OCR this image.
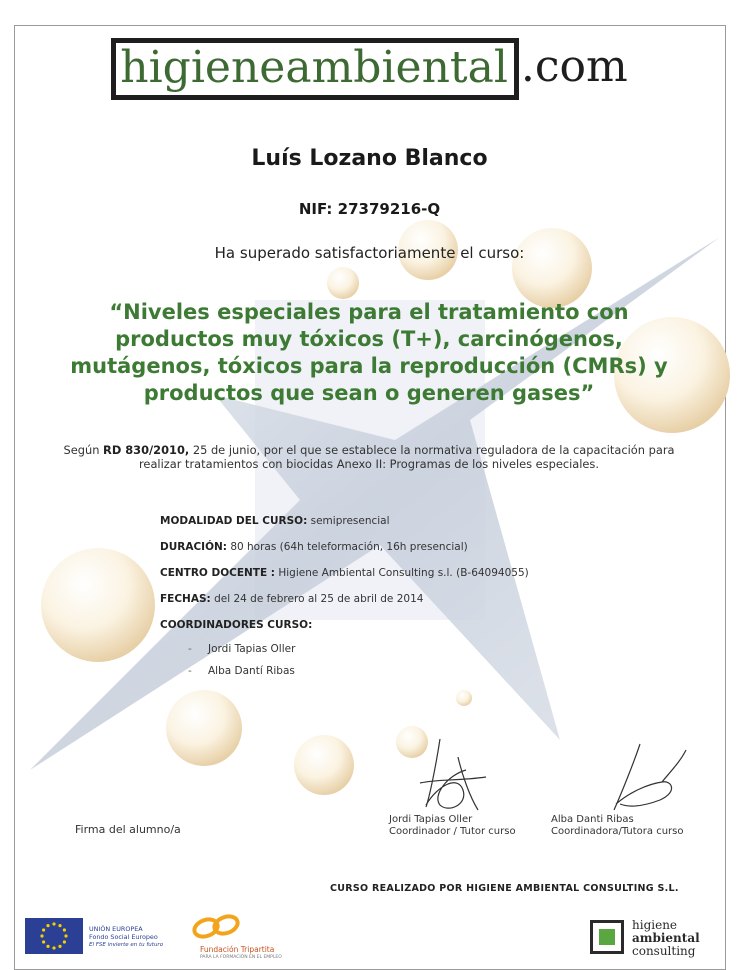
higieneambiental .com
Luís Lozano Blanco
NIF: 27379216-Q
Ha superado satisfactoriamente el curso:
“Niveles especiales para el tratamiento con productos muy tóxicos (T+), carcinógenos, mutágenos, tóxicos para la reproducción (CMRs) y productos que sean o generen gases”
Según RD 830/2010, 25 de junio, por el que se establece la normativa reguladora de la capacitación para realizar tratamientos con biocidas Anexo II: Programas de los niveles especiales.
MODALIDAD DEL CURSO: semipresencial
DURACIÓN: 80 horas (64h teleformación, 16h presencial)
CENTRO DOCENTE : Higiene Ambiental Consulting s.l. (B-64094055)
FECHAS: del 24 de febrero al 25 de abril de 2014
COORDINADORES CURSO:
- Jordi Tapias Oller
- Alba Dantí Ribas
Firma del alumno/a
Jordi Tapias Oller
Coordinador / Tutor curso
Alba Danti Ribas
Coordinadora/Tutora curso
CURSO REALIZADO POR HIGIENE AMBIENTAL CONSULTING S.L.
UNIÓN EUROPEA
Fondo Social Europeo
El FSE invierte en tu futuro	Fundación Tripartita
PARA LA FORMACIÓN EN EL EMPLEO
higiene
ambiental
consulting
